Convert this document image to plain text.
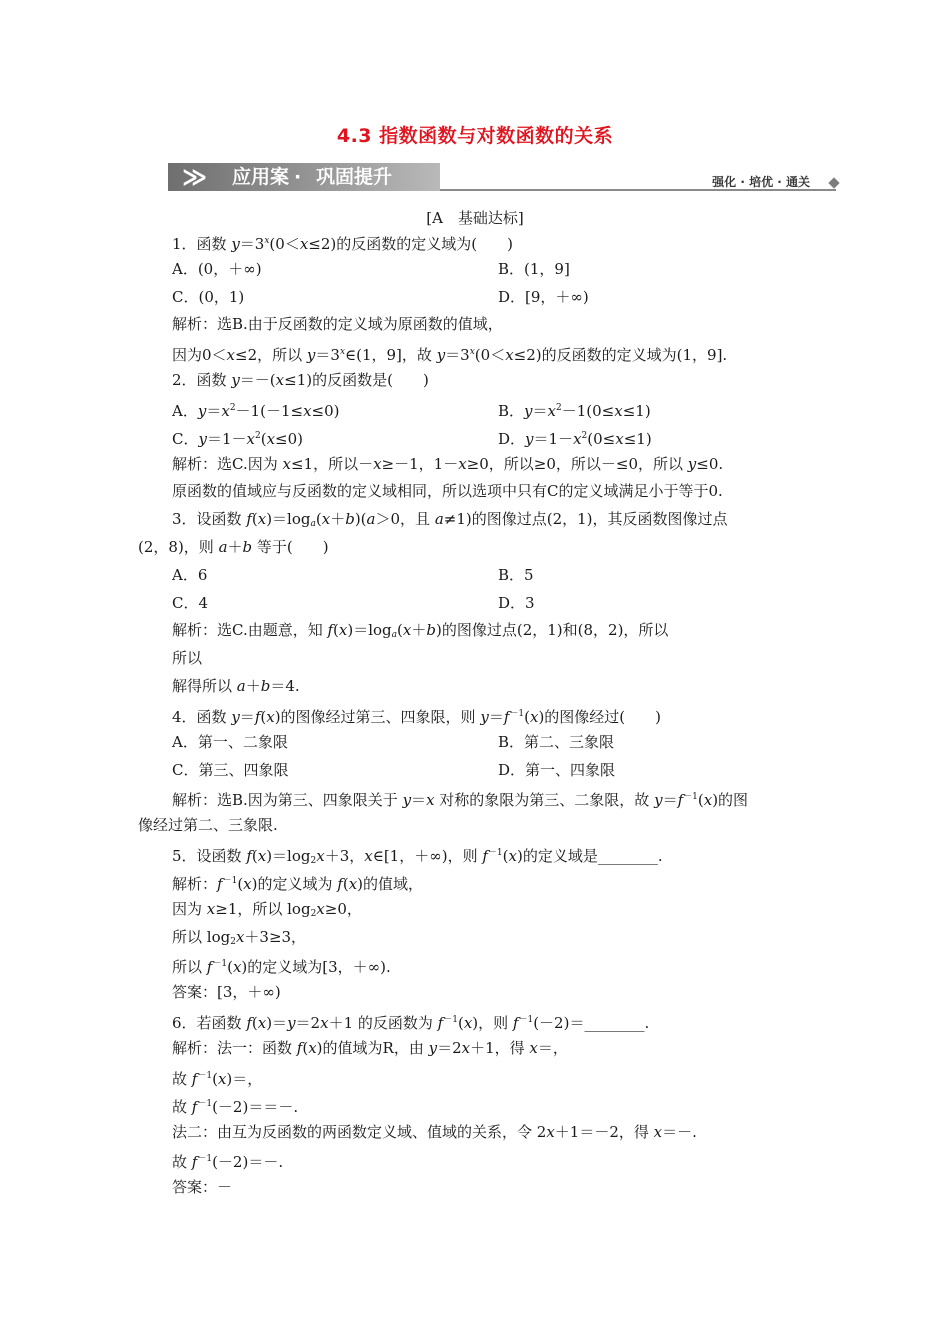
4.3 指数函数与对数函数的关系
≫ 应用案 · 巩固提升	强化 · 培优 · 通关
[A　基础达标]
1．函数 $y=3^x(0<x\le 2)$的反函数的定义域为(　　)
A．(0，＋∞)	B．(1，9]
C．(0，1)	D．[9，＋∞)
解析：选B.由于反函数的定义域为原函数的值域，
因为0＜x≤2，所以 $y=3^x\in(1$，9]，故 $y=3^x(0<x\le 2)$的反函数的定义域为(1，9].
2．函数 y＝－(x≤1)的反函数是(　　)
A．$y=x^2-1(-1\le x\le 0)$	B．$y=x^2-1(0\le x\le 1)$
C．$y=1-x^2(x\le 0)$	D．$y=1-x^2(0\le x\le 1)$
解析：选C.因为 x≤1，所以－x≥－1，1－x≥0，所以≥0，所以－≤0，所以 y≤0.
原函数的值域应与反函数的定义域相同，所以选项中只有C的定义域满足小于等于0.
3．设函数 $f(x)=\log_a(x+b)(a>0$，且 a≠1)的图像过点(2，1)，其反函数图像过点
(2，8)，则 a＋b 等于(　　)
A．6	B．5
C．4	D．3
解析：选C.由题意，知 $f(x)=\log_a(x+b)$的图像过点(2，1)和(8，2)，所以
所以
解得所以 a＋b＝4.
4．函数 y＝f(x)的图像经过第三、四象限，则 $y=f^{-1}(x)$的图像经过(　　)
A．第一、二象限	B．第二、三象限
C．第三、四象限	D．第一、四象限
解析：选B.因为第三、四象限关于 y＝x 对称的象限为第三、二象限，故 $y=f^{-1}(x)$的图
像经过第二、三象限.
5．设函数 $f(x)=\log_2x+3$，x∈[1，＋∞)，则 $f^{-1}(x)$的定义域是________.
解析：$f^{-1}(x)$的定义域为 f(x)的值域，
因为 x≥1，所以 $\log_2x\ge 0$，
所以 $\log_2x+3\ge 3$，
所以 $f^{-1}(x)$的定义域为[3，＋∞).
答案：[3，＋∞)
6．若函数 f(x)＝y＝2x＋1 的反函数为 $f^{-1}(x)$，则 $f^{-1}(-2)=\_\_\_\_\_\_\_\_$.
解析：法一：函数 f(x)的值域为R，由 y＝2x＋1，得 x＝，
故 $f^{-1}(x)=$，
故 $f^{-1}(-2)==-$.
法二：由互为反函数的两函数定义域、值域的关系，令 2x＋1＝－2，得 x＝－.
故 $f^{-1}(-2)=-$.
答案：－
